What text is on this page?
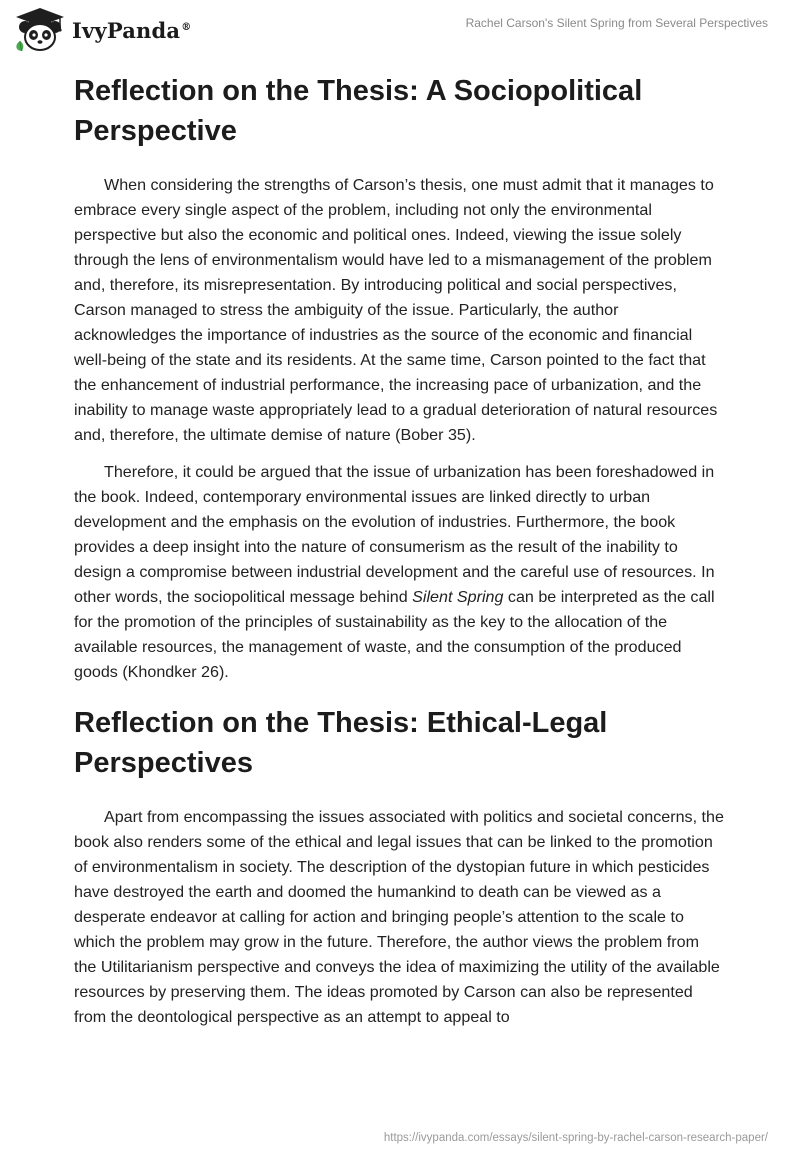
IvyPanda®	Rachel Carson's Silent Spring from Several Perspectives
Reflection on the Thesis: A Sociopolitical Perspective

When considering the strengths of Carson’s thesis, one must admit that it manages to embrace every single aspect of the problem, including not only the environmental perspective but also the economic and political ones. Indeed, viewing the issue solely through the lens of environmentalism would have led to a mismanagement of the problem and, therefore, its misrepresentation. By introducing political and social perspectives, Carson managed to stress the ambiguity of the issue. Particularly, the author acknowledges the importance of industries as the source of the economic and financial well-being of the state and its residents. At the same time, Carson pointed to the fact that the enhancement of industrial performance, the increasing pace of urbanization, and the inability to manage waste appropriately lead to a gradual deterioration of natural resources and, therefore, the ultimate demise of nature (Bober 35).

Therefore, it could be argued that the issue of urbanization has been foreshadowed in the book. Indeed, contemporary environmental issues are linked directly to urban development and the emphasis on the evolution of industries. Furthermore, the book provides a deep insight into the nature of consumerism as the result of the inability to design a compromise between industrial development and the careful use of resources. In other words, the sociopolitical message behind Silent Spring can be interpreted as the call for the promotion of the principles of sustainability as the key to the allocation of the available resources, the management of waste, and the consumption of the produced goods (Khondker 26).

Reflection on the Thesis: Ethical-Legal Perspectives

Apart from encompassing the issues associated with politics and societal concerns, the book also renders some of the ethical and legal issues that can be linked to the promotion of environmentalism in society. The description of the dystopian future in which pesticides have destroyed the earth and doomed the humankind to death can be viewed as a desperate endeavor at calling for action and bringing people’s attention to the scale to which the problem may grow in the future. Therefore, the author views the problem from the Utilitarianism perspective and conveys the idea of maximizing the utility of the available resources by preserving them. The ideas promoted by Carson can also be represented from the deontological perspective as an attempt to appeal to

https://ivypanda.com/essays/silent-spring-by-rachel-carson-research-paper/
